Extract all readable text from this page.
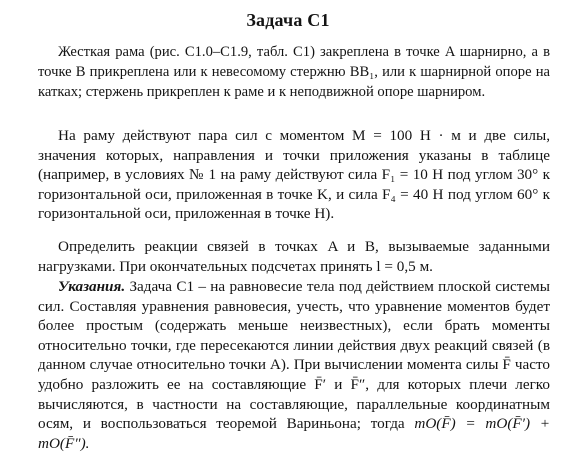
Задача С1

Жесткая рама (рис. С1.0–С1.9, табл. С1) закреплена в точке A шарнирно, а в точке B прикреплена или к невесомому стержню BB₁, или к шарнирной опоре на катках; стержень прикреплен к раме и к неподвижной опоре шарниром.

На раму действуют пара сил с моментом M = 100 Н · м и две силы, значения которых, направления и точки приложения указаны в таблице (например, в условиях № 1 на раму действуют сила F₁ = 10 Н под углом 30° к горизонтальной оси, приложенная в точке K, и сила F₄ = 40 Н под углом 60° к горизонтальной оси, приложенная в точке H).

Определить реакции связей в точках A и B, вызываемые заданными нагрузками. При окончательных подсчетах принять l = 0,5 м.

Указания. Задача С1 – на равновесие тела под действием плоской системы сил. Составляя уравнения равновесия, учесть, что уравнение моментов будет более простым (содержать меньше неизвестных), если брать моменты относительно точки, где пересекаются линии действия двух реакций связей (в данном случае относительно точки A). При вычислении момента силы F̄ часто удобно разложить ее на составляющие F̄′ и F̄″, для которых плечи легко вычисляются, в частности на составляющие, параллельные координатным осям, и воспользоваться теоремой Вариньона; тогда mO(F̄) = mO(F̄′) + mO(F̄″).
